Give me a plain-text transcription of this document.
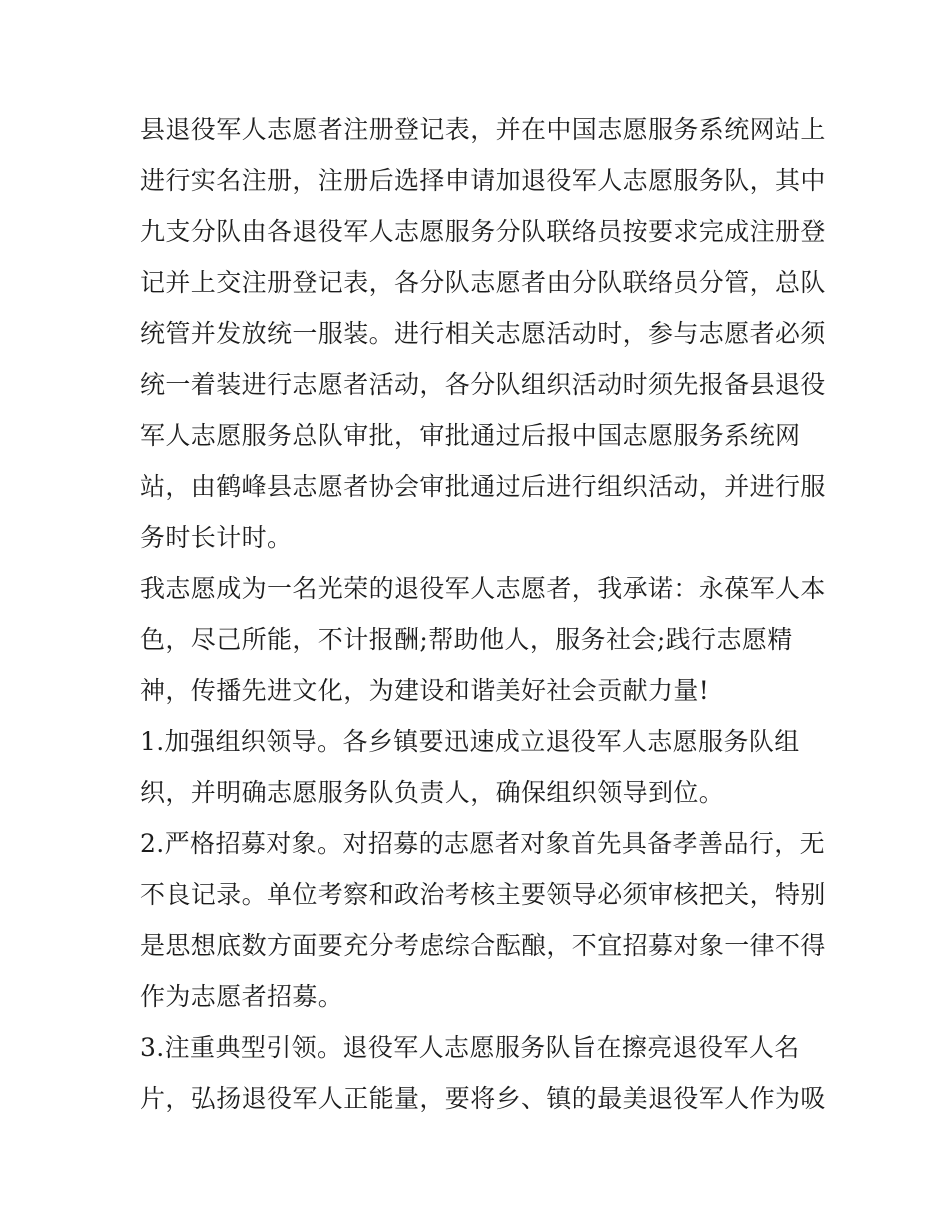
县退役军人志愿者注册登记表，并在中国志愿服务系统网站上
进行实名注册，注册后选择申请加退役军人志愿服务队，其中
九支分队由各退役军人志愿服务分队联络员按要求完成注册登
记并上交注册登记表，各分队志愿者由分队联络员分管，总队
统管并发放统一服装。进行相关志愿活动时，参与志愿者必须
统一着装进行志愿者活动，各分队组织活动时须先报备县退役
军人志愿服务总队审批，审批通过后报中国志愿服务系统网
站，由鹤峰县志愿者协会审批通过后进行组织活动，并进行服
务时长计时。
我志愿成为一名光荣的退役军人志愿者，我承诺：永葆军人本
色，尽己所能，不计报酬;帮助他人，服务社会;践行志愿精
神，传播先进文化，为建设和谐美好社会贡献力量!
1.加强组织领导。各乡镇要迅速成立退役军人志愿服务队组
织，并明确志愿服务队负责人，确保组织领导到位。
2.严格招募对象。对招募的志愿者对象首先具备孝善品行，无
不良记录。单位考察和政治考核主要领导必须审核把关，特别
是思想底数方面要充分考虑综合酝酿，不宜招募对象一律不得
作为志愿者招募。
3.注重典型引领。退役军人志愿服务队旨在擦亮退役军人名
片，弘扬退役军人正能量，要将乡、镇的最美退役军人作为吸
